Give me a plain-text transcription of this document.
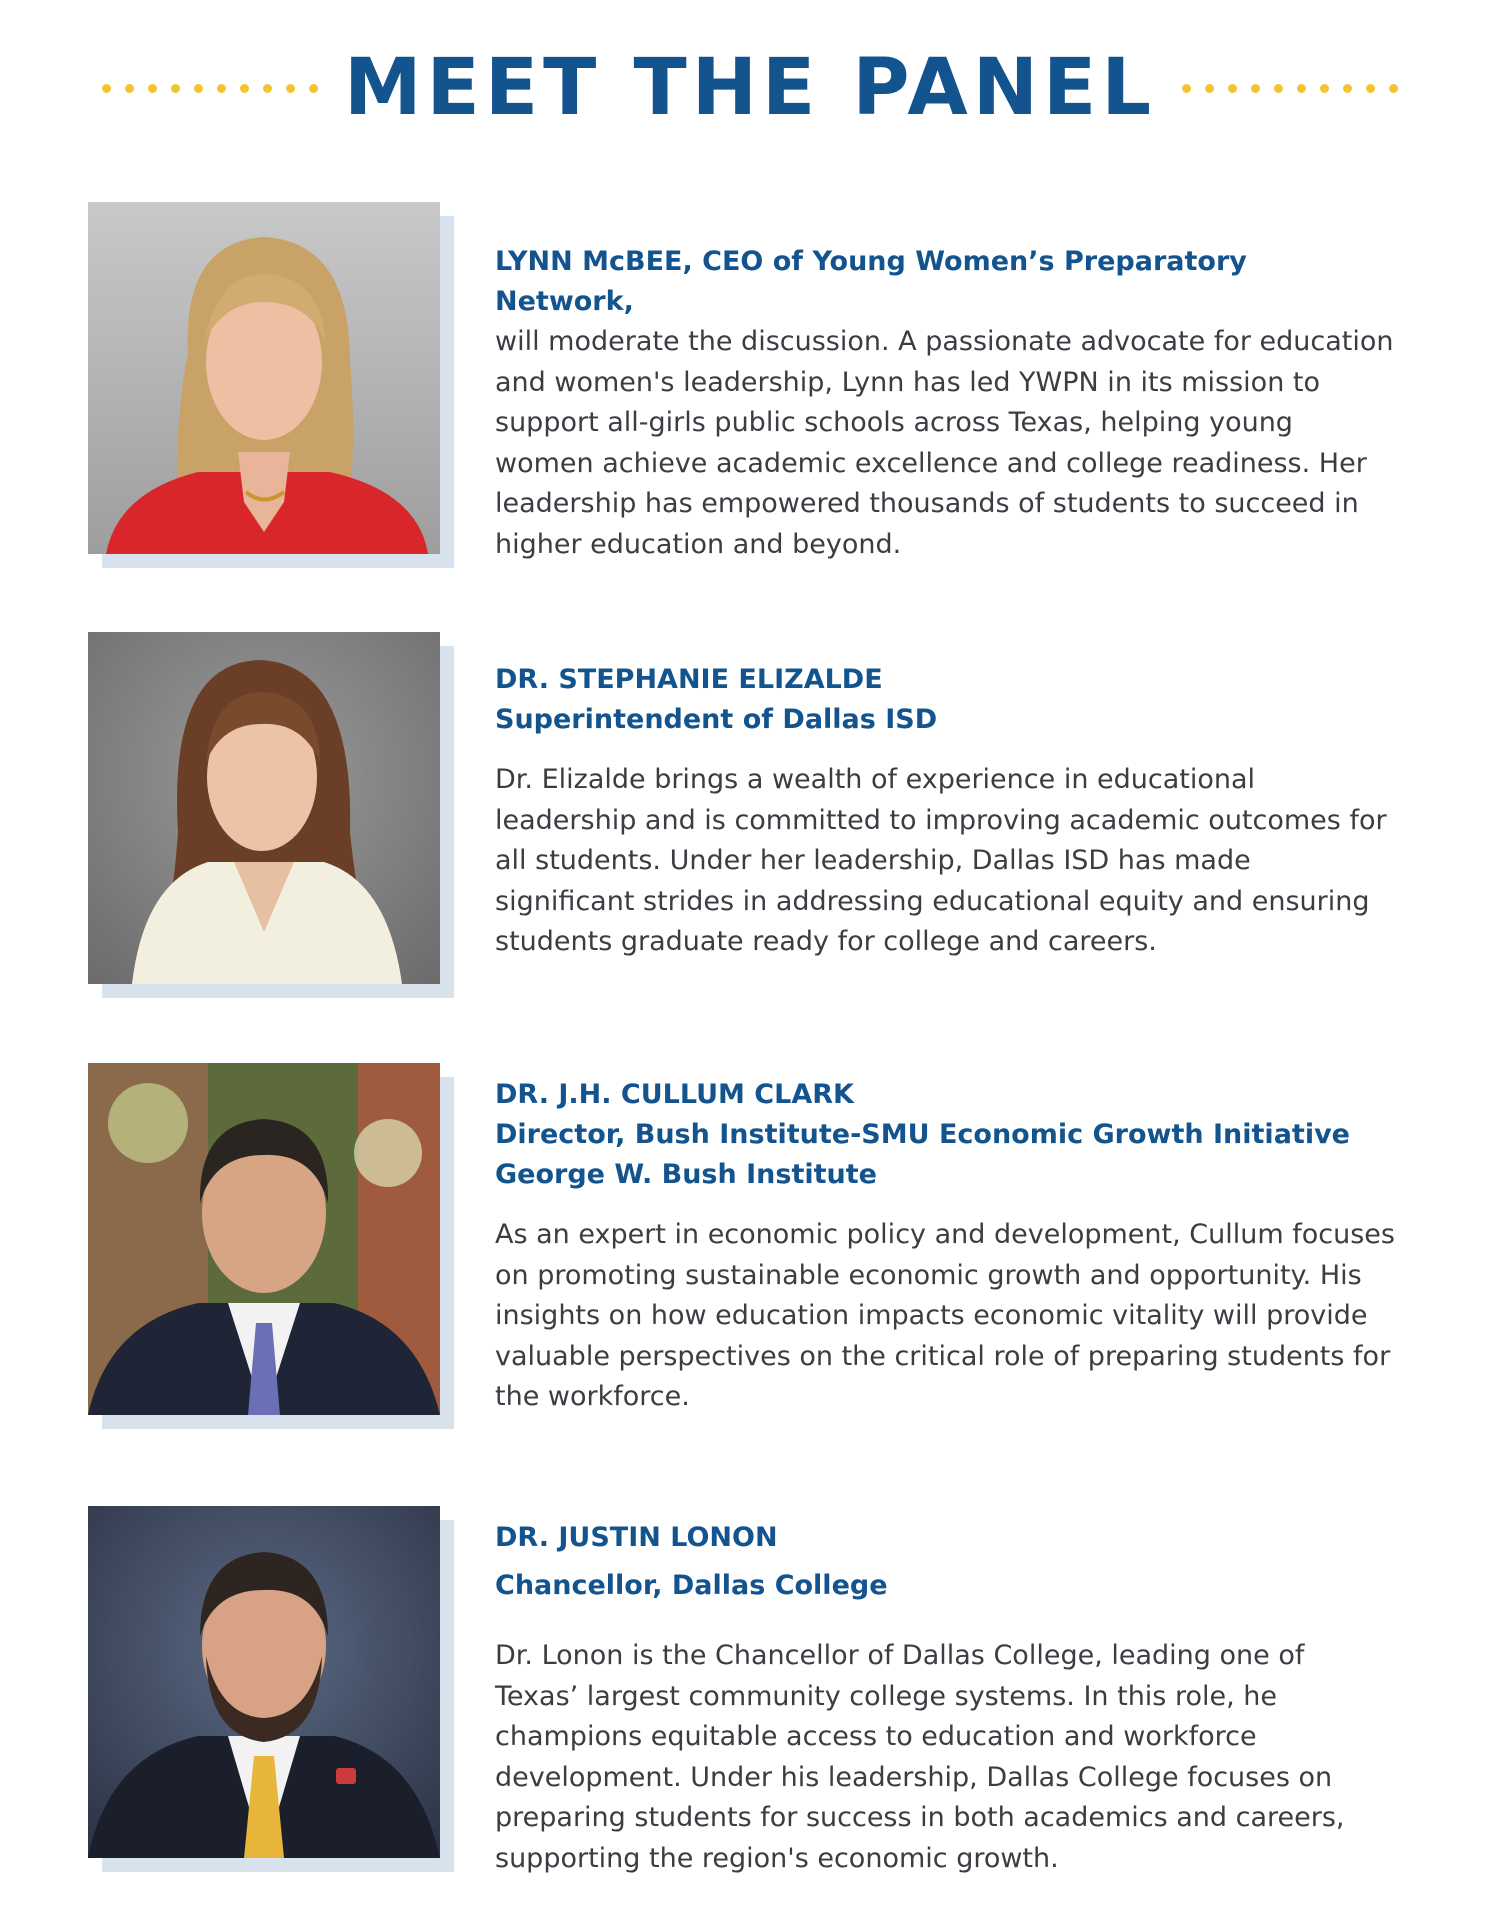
MEET THE PANEL

LYNN McBEE, CEO of Young Women’s Preparatory Network,

will moderate the discussion. A passionate advocate for education and women's leadership, Lynn has led YWPN in its mission to support all-girls public schools across Texas, helping young women achieve academic excellence and college readiness. Her leadership has empowered thousands of students to succeed in higher education and beyond.

DR. STEPHANIE ELIZALDE

Superintendent of Dallas ISD

Dr. Elizalde brings a wealth of experience in educational leadership and is committed to improving academic outcomes for all students. Under her leadership, Dallas ISD has made significant strides in addressing educational equity and ensuring students graduate ready for college and careers.

DR. J.H. CULLUM CLARK

Director, Bush Institute-SMU Economic Growth Initiative

George W. Bush Institute

As an expert in economic policy and development, Cullum focuses on promoting sustainable economic growth and opportunity. His insights on how education impacts economic vitality will provide valuable perspectives on the critical role of preparing students for the workforce.

DR. JUSTIN LONON

Chancellor, Dallas College

Dr. Lonon is the Chancellor of Dallas College, leading one of Texas’ largest community college systems. In this role, he champions equitable access to education and workforce development. Under his leadership, Dallas College focuses on preparing students for success in both academics and careers, supporting the region's economic growth.
